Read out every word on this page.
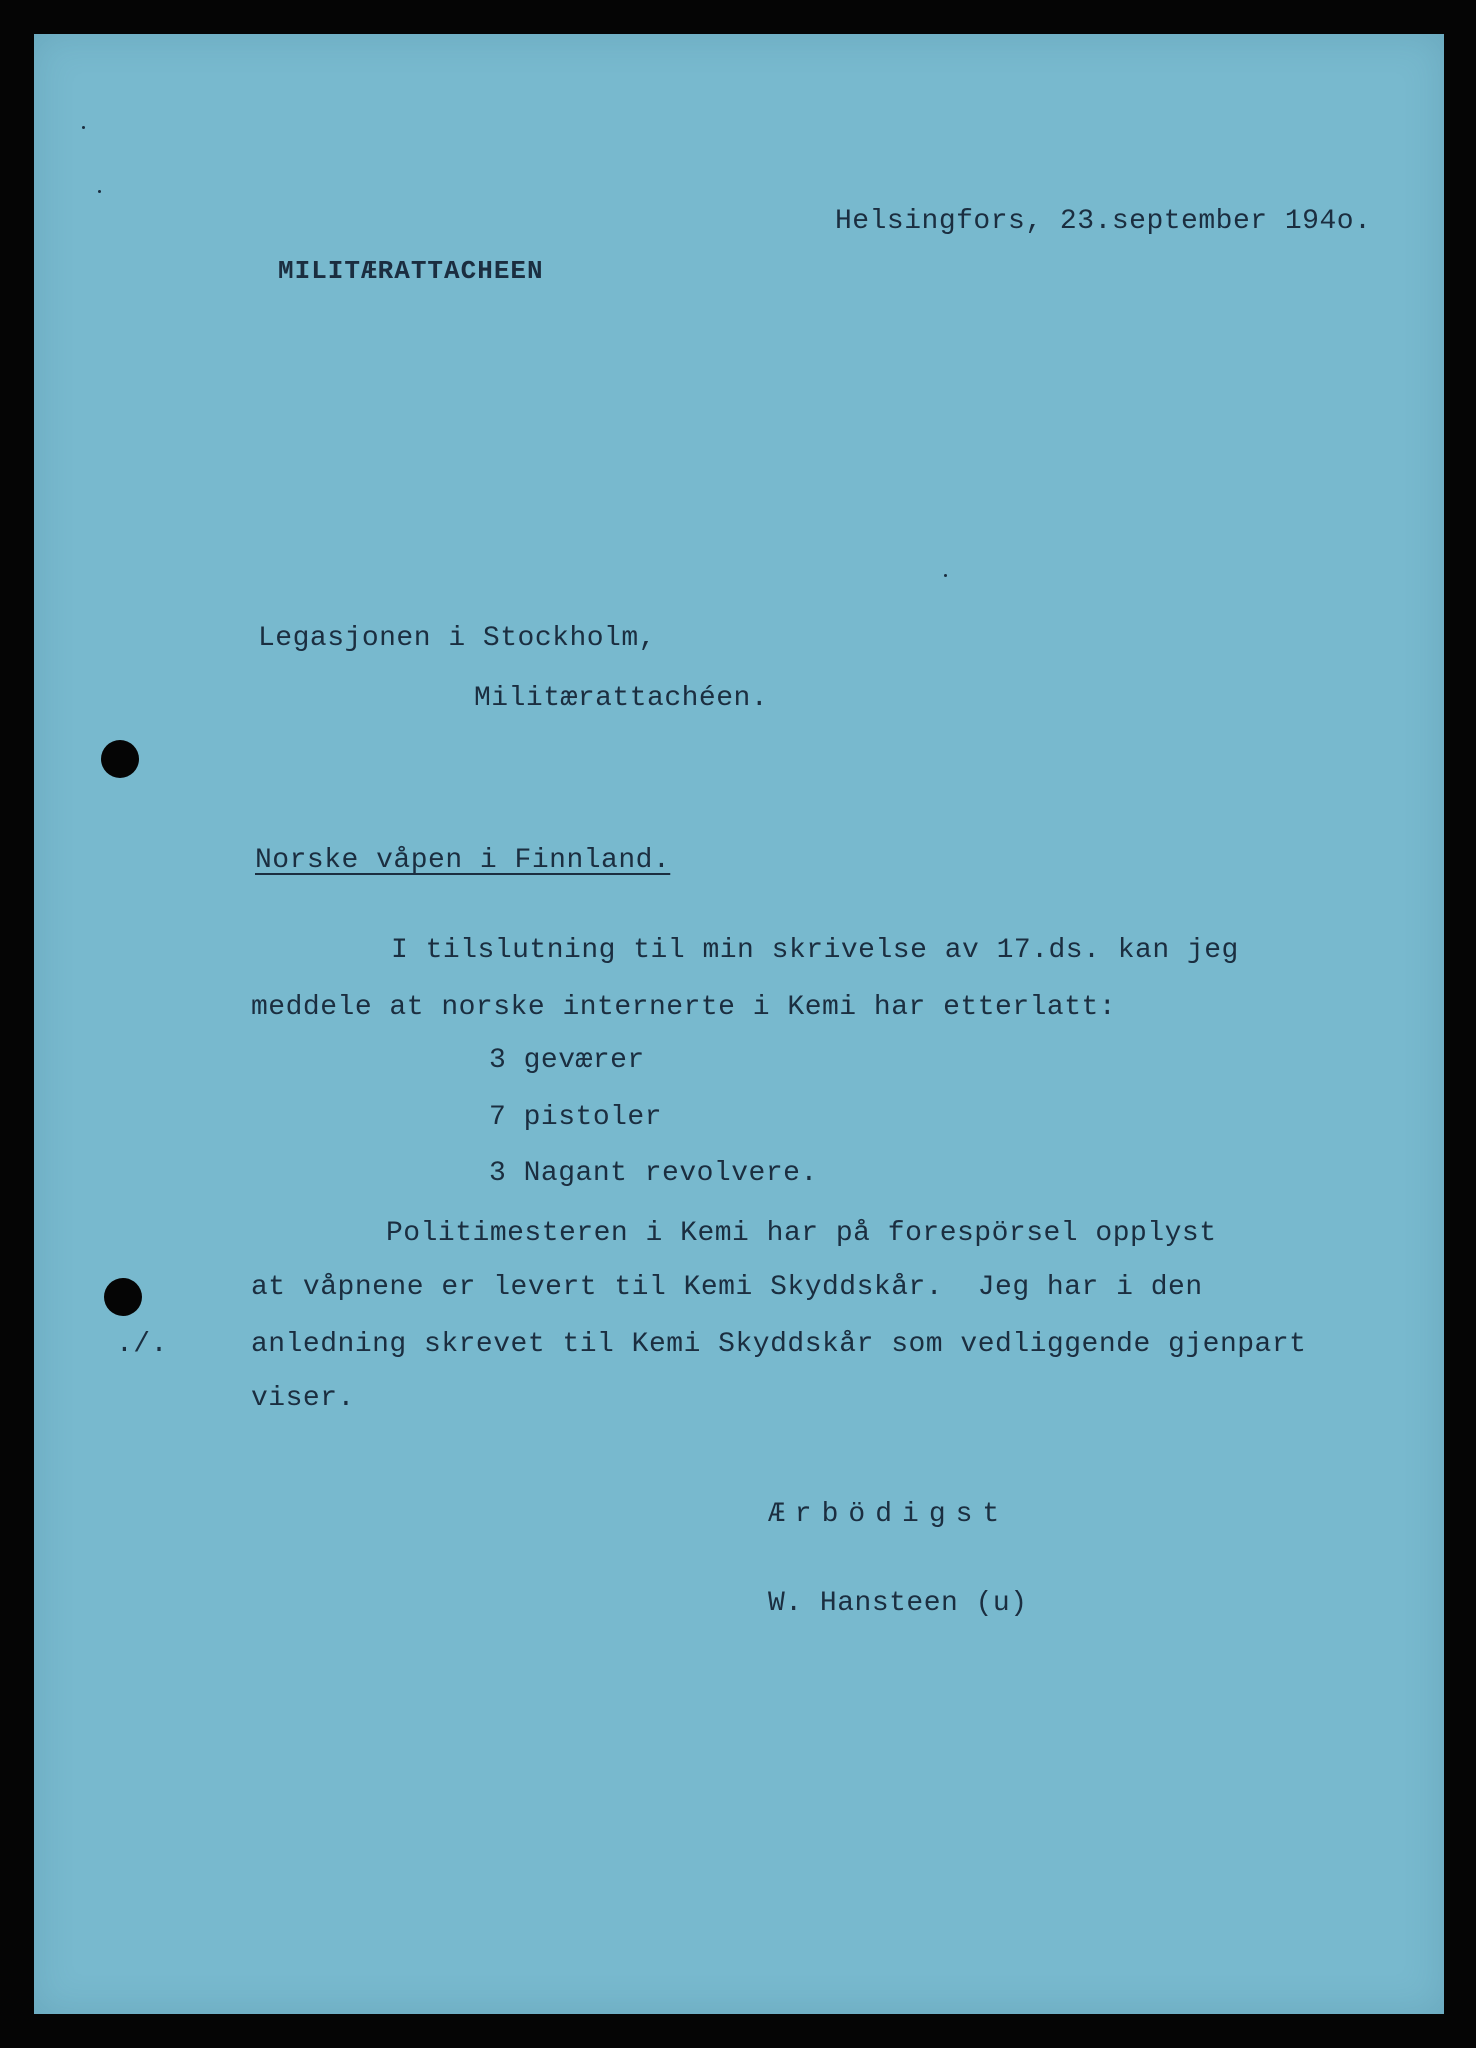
Helsingfors, 23.september 194o.
MILITÆRATTACHEEN
Legasjonen i Stockholm,
Militærattachéen.
Norske våpen i Finnland.
I tilslutning til min skrivelse av 17.ds. kan jeg
meddele at norske internerte i Kemi har etterlatt:
3 geværer
7 pistoler
3 Nagant revolvere.
Politimesteren i Kemi har på forespörsel opplyst
at våpnene er levert til Kemi Skyddskår.  Jeg har i den
anledning skrevet til Kemi Skyddskår som vedliggende gjenpart
viser.
./.
Ærbödigst
W. Hansteen (u)
